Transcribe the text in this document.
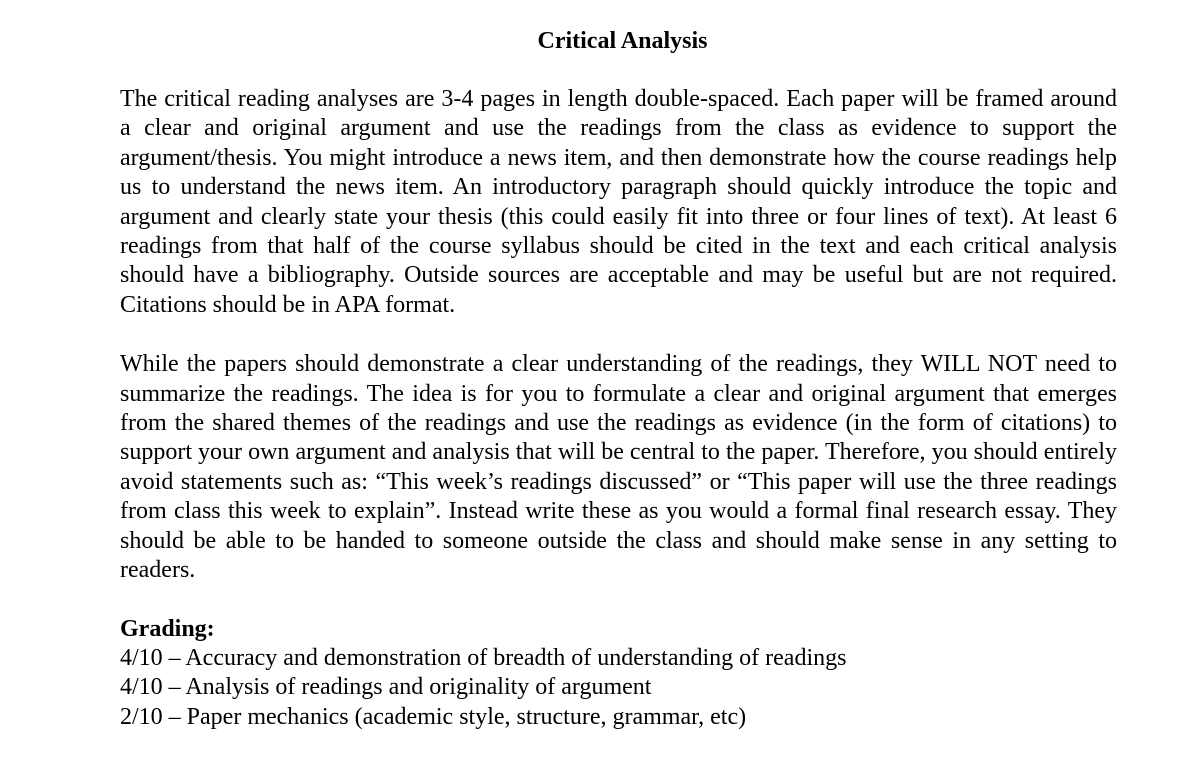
Critical Analysis

The critical reading analyses are 3-4 pages in length double-spaced. Each paper will be framed around a clear and original argument and use the readings from the class as evidence to support the argument/thesis. You might introduce a news item, and then demonstrate how the course readings help us to understand the news item. An introductory paragraph should quickly introduce the topic and argument and clearly state your thesis (this could easily fit into three or four lines of text). At least 6 readings from that half of the course syllabus should be cited in the text and each critical analysis should have a bibliography. Outside sources are acceptable and may be useful but are not required. Citations should be in APA format.

While the papers should demonstrate a clear understanding of the readings, they WILL NOT need to summarize the readings. The idea is for you to formulate a clear and original argument that emerges from the shared themes of the readings and use the readings as evidence (in the form of citations) to support your own argument and analysis that will be central to the paper. Therefore, you should entirely avoid statements such as: “This week’s readings discussed” or “This paper will use the three readings from class this week to explain”. Instead write these as you would a formal final research essay. They should be able to be handed to someone outside the class and should make sense in any setting to readers.

Grading:

4/10 – Accuracy and demonstration of breadth of understanding of readings
4/10 – Analysis of readings and originality of argument
2/10 – Paper mechanics (academic style, structure, grammar, etc)
